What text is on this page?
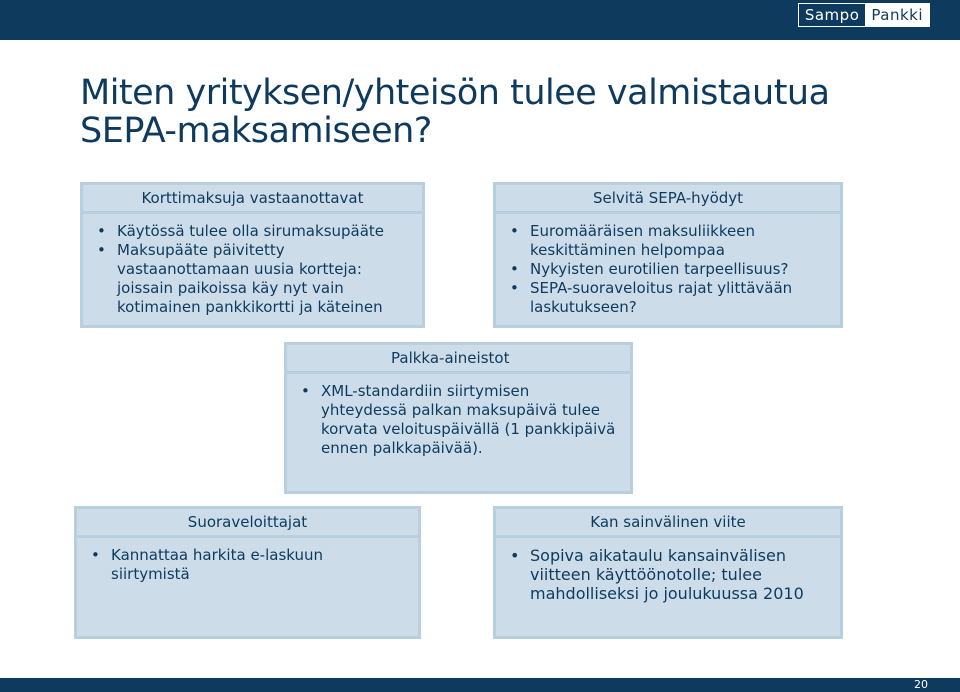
Sampo Pankki
Miten yrityksen/yhteisön tulee valmistautua SEPA-maksamiseen?
Korttimaksuja vastaanottavat
• Käytössä tulee olla sirumaksupääte
• Maksupääte päivitetty vastaanottamaan uusia kortteja: joissain paikoissa käy nyt vain kotimainen pankkikortti ja käteinen
Selvitä SEPA-hyödyt
• Euromääräisen maksuliikkeen keskittäminen helpompaa
• Nykyisten eurotilien tarpeellisuus?
• SEPA-suoraveloitus rajat ylittävään laskutukseen?
Palkka-aineistot
• XML-standardiin siirtymisen yhteydessä palkan maksupäivä tulee korvata veloituspäivällä (1 pankkipäivä ennen palkkapäivää).
Suoraveloittajat
• Kannattaa harkita e-laskuun siirtymistä
Kan sainvälinen viite
• Sopiva aikataulu kansainvälisen viitteen käyttöönotolle; tulee mahdolliseksi jo joulukuussa 2010
20
